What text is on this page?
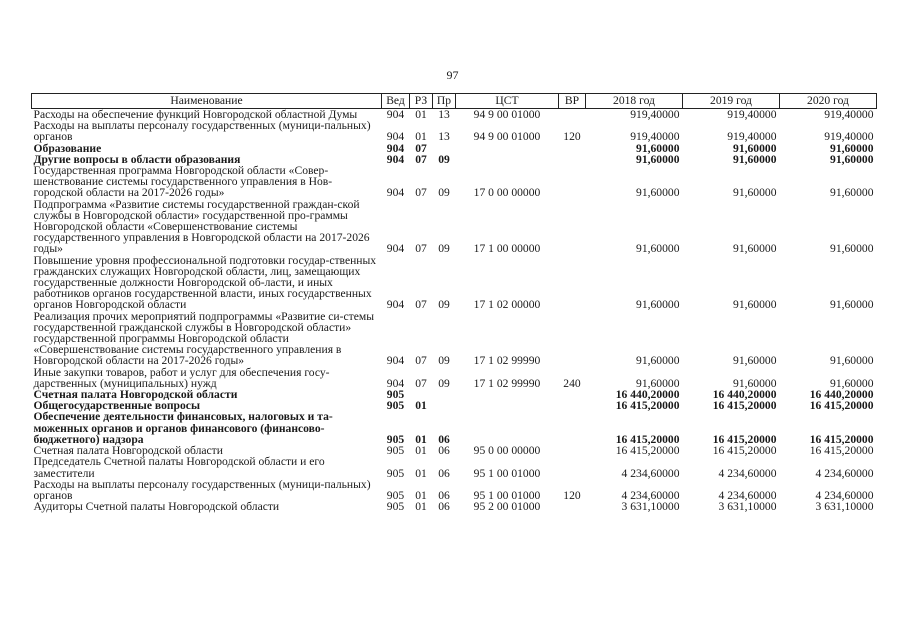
97
Наименование	Вед	РЗ	Пр	ЦСТ	ВР	2018 год	2019 год	2020 год
Расходы на обеспечение функций Новгородской областной Думы	904	01	13	94 9 00 01000		919,40000	919,40000	919,40000
Расходы на выплаты персоналу государственных (муници-пальных) органов	904	01	13	94 9 00 01000	120	919,40000	919,40000	919,40000
Образование	904	07				91,60000	91,60000	91,60000
Другие вопросы в области образования	904	07	09			91,60000	91,60000	91,60000
Государственная программа Новгородской области «Совер-шенствование системы государственного управления в Нов-городской области на 2017-2026 годы»	904	07	09	17 0 00 00000		91,60000	91,60000	91,60000
Подпрограмма «Развитие системы государственной граждан-ской службы в Новгородской области» государственной про-граммы Новгородской области «Совершенствование системы государственного управления в Новгородской области на 2017-2026 годы»	904	07	09	17 1 00 00000		91,60000	91,60000	91,60000
Повышение уровня профессиональной подготовки государ-ственных гражданских служащих Новгородской области, лиц, замещающих государственные должности Новгородской об-ласти, и иных работников органов государственной власти, иных государственных органов Новгородской области	904	07	09	17 1 02 00000		91,60000	91,60000	91,60000
Реализация прочих мероприятий подпрограммы «Развитие си-стемы государственной гражданской службы в Новгородской области» государственной программы Новгородской области «Совершенствование системы государственного управления в Новгородской области на 2017-2026 годы»	904	07	09	17 1 02 99990		91,60000	91,60000	91,60000
Иные закупки товаров, работ и услуг для обеспечения госу-дарственных (муниципальных) нужд	904	07	09	17 1 02 99990	240	91,60000	91,60000	91,60000
Счетная палата Новгородской области	905					16 440,20000	16 440,20000	16 440,20000
Общегосударственные вопросы	905	01				16 415,20000	16 415,20000	16 415,20000
Обеспечение деятельности финансовых, налоговых и та-моженных органов и органов финансового (финансово-бюджетного) надзора	905	01	06			16 415,20000	16 415,20000	16 415,20000
Счетная палата Новгородской области	905	01	06	95 0 00 00000		16 415,20000	16 415,20000	16 415,20000
Председатель Счетной палаты Новгородской области и его заместители	905	01	06	95 1 00 01000		4 234,60000	4 234,60000	4 234,60000
Расходы на выплаты персоналу государственных (муници-пальных) органов	905	01	06	95 1 00 01000	120	4 234,60000	4 234,60000	4 234,60000
Аудиторы Счетной палаты Новгородской области	905	01	06	95 2 00 01000		3 631,10000	3 631,10000	3 631,10000
